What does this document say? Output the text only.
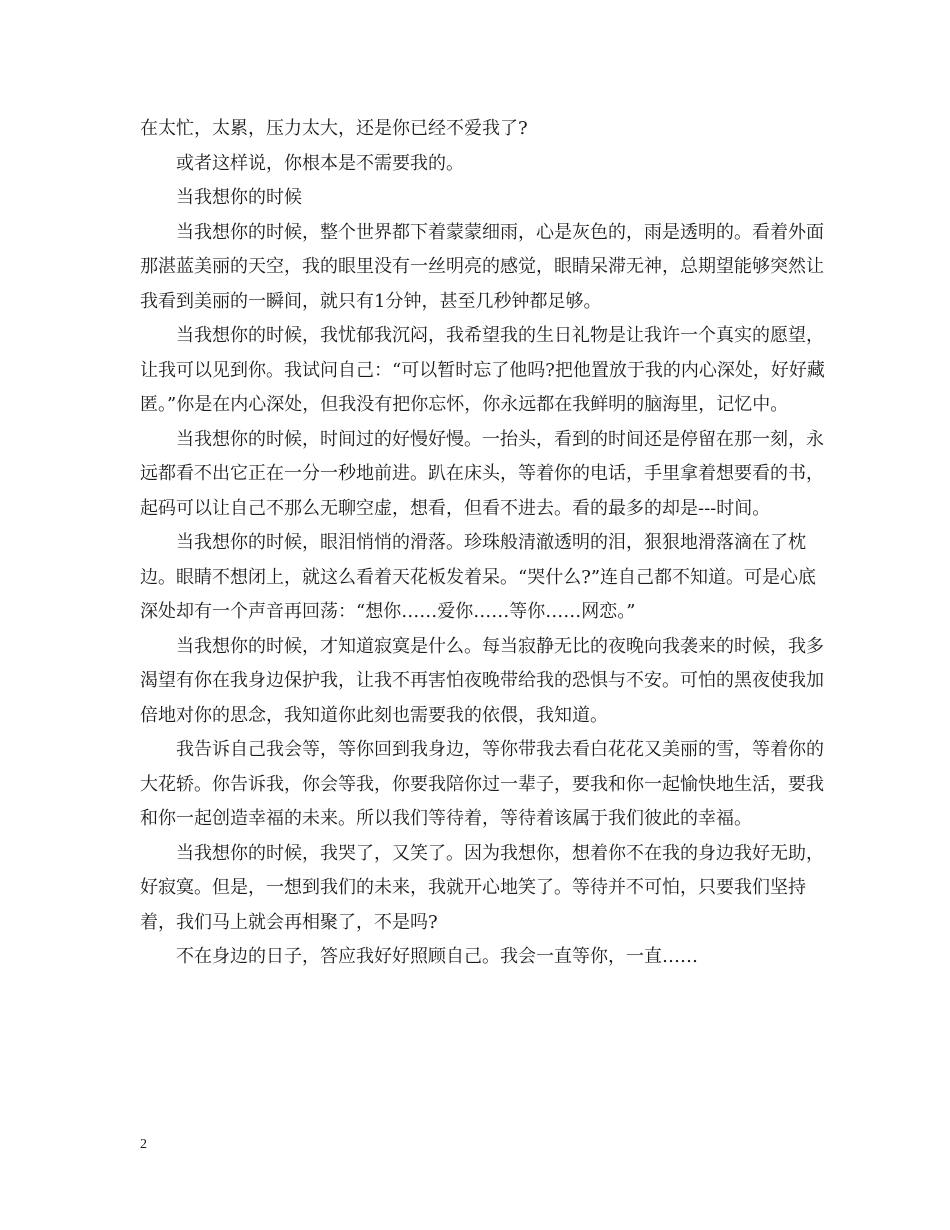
在太忙，太累，压力太大，还是你已经不爱我了?

或者这样说，你根本是不需要我的。

当我想你的时候

当我想你的时候，整个世界都下着蒙蒙细雨，心是灰色的，雨是透明的。看着外面那湛蓝美丽的天空，我的眼里没有一丝明亮的感觉，眼睛呆滞无神，总期望能够突然让我看到美丽的一瞬间，就只有1分钟，甚至几秒钟都足够。

当我想你的时候，我忧郁我沉闷，我希望我的生日礼物是让我许一个真实的愿望，让我可以见到你。我试问自己：“可以暂时忘了他吗?把他置放于我的内心深处，好好藏匿。”你是在内心深处，但我没有把你忘怀，你永远都在我鲜明的脑海里，记忆中。

当我想你的时候，时间过的好慢好慢。一抬头，看到的时间还是停留在那一刻，永远都看不出它正在一分一秒地前进。趴在床头，等着你的电话，手里拿着想要看的书，起码可以让自己不那么无聊空虚，想看，但看不进去。看的最多的却是---时间。

当我想你的时候，眼泪悄悄的滑落。珍珠般清澈透明的泪，狠狠地滑落滴在了枕边。眼睛不想闭上，就这么看着天花板发着呆。“哭什么?”连自己都不知道。可是心底深处却有一个声音再回荡：“想你……爱你……等你……网恋。”

当我想你的时候，才知道寂寞是什么。每当寂静无比的夜晚向我袭来的时候，我多渴望有你在我身边保护我，让我不再害怕夜晚带给我的恐惧与不安。可怕的黑夜使我加倍地对你的思念，我知道你此刻也需要我的依偎，我知道。

我告诉自己我会等，等你回到我身边，等你带我去看白花花又美丽的雪，等着你的大花轿。你告诉我，你会等我，你要我陪你过一辈子，要我和你一起愉快地生活，要我和你一起创造幸福的未来。所以我们等待着，等待着该属于我们彼此的幸福。

当我想你的时候，我哭了，又笑了。因为我想你，想着你不在我的身边我好无助，好寂寞。但是，一想到我们的未来，我就开心地笑了。等待并不可怕，只要我们坚持着，我们马上就会再相聚了，不是吗?

不在身边的日子，答应我好好照顾自己。我会一直等你，一直……

2
